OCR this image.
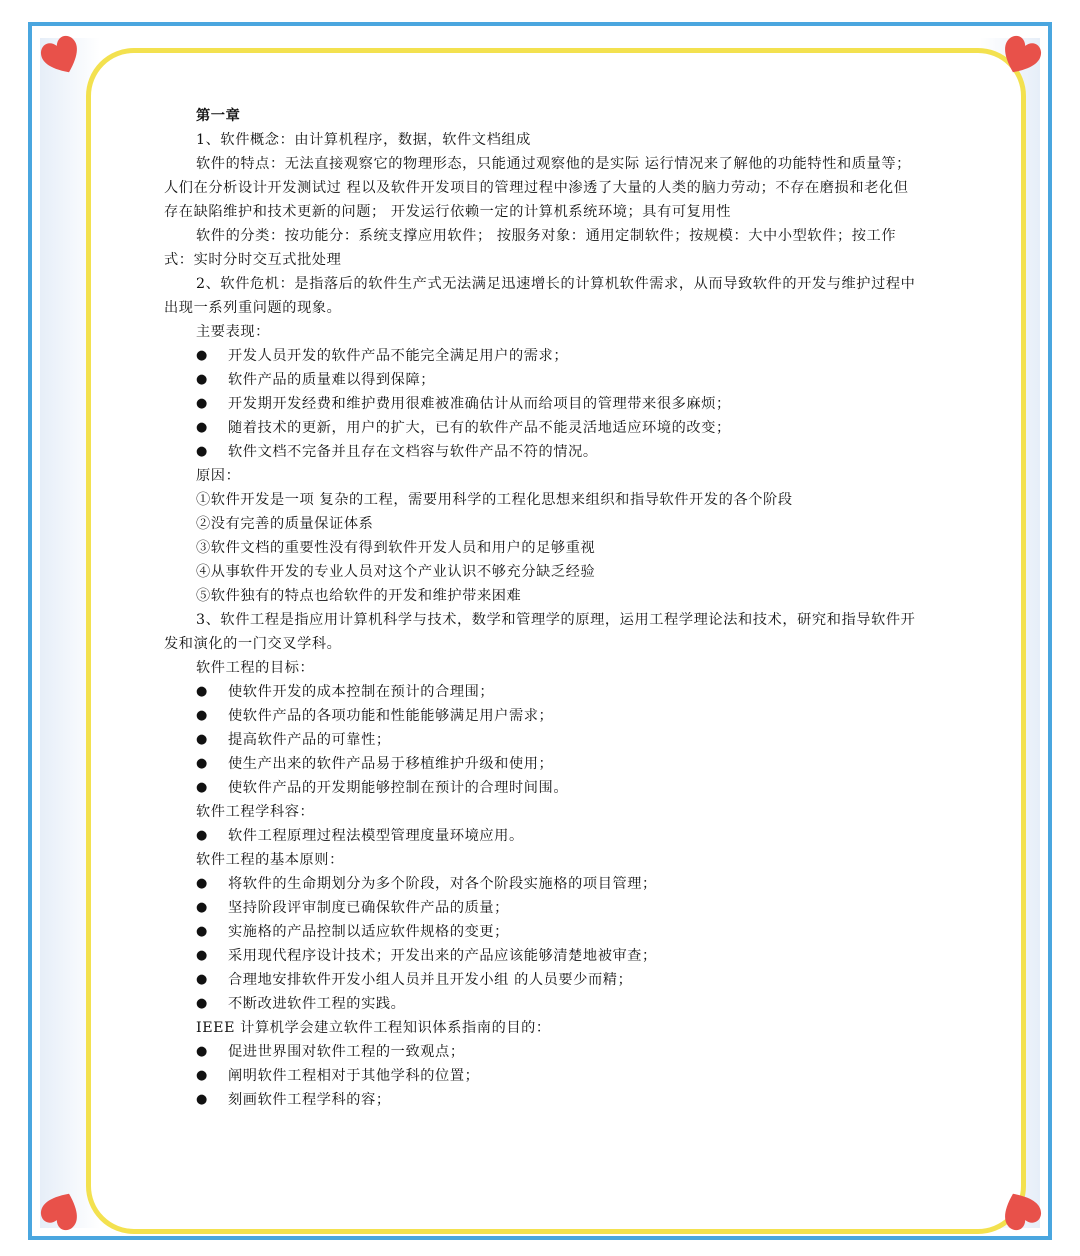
第一章

1、软件概念：由计算机程序，数据，软件文档组成

软件的特点：无法直接观察它的物理形态，只能通过观察他的是实际 运行情况来了解他的功能特性和质量等； 人们在分析设计开发测试过 程以及软件开发项目的管理过程中渗透了大量的人类的脑力劳动；不存在磨损和老化但存在缺陷维护和技术更新的问题； 开发运行依赖一定的计算机系统环境；具有可复用性

软件的分类：按功能分：系统支撑应用软件； 按服务对象：通用定制软件；按规模：大中小型软件；按工作式：实时分时交互式批处理

2、软件危机：是指落后的软件生产式无法满足迅速增长的计算机软件需求，从而导致软件的开发与维护过程中出现一系列重问题的现象。

主要表现：

● 开发人员开发的软件产品不能完全满足用户的需求；

● 软件产品的质量难以得到保障；

● 开发期开发经费和维护费用很难被准确估计从而给项目的管理带来很多麻烦；

● 随着技术的更新，用户的扩大，已有的软件产品不能灵活地适应环境的改变；

● 软件文档不完备并且存在文档容与软件产品不符的情况。

原因：

①软件开发是一项 复杂的工程，需要用科学的工程化思想来组织和指导软件开发的各个阶段

②没有完善的质量保证体系

③软件文档的重要性没有得到软件开发人员和用户的足够重视

④从事软件开发的专业人员对这个产业认识不够充分缺乏经验

⑤软件独有的特点也给软件的开发和维护带来困难

3、软件工程是指应用计算机科学与技术，数学和管理学的原理，运用工程学理论法和技术，研究和指导软件开发和演化的一门交叉学科。

软件工程的目标：

● 使软件开发的成本控制在预计的合理围；

● 使软件产品的各项功能和性能能够满足用户需求；

● 提高软件产品的可靠性；

● 使生产出来的软件产品易于移植维护升级和使用；

● 使软件产品的开发期能够控制在预计的合理时间围。

软件工程学科容：

● 软件工程原理过程法模型管理度量环境应用。

软件工程的基本原则：

● 将软件的生命期划分为多个阶段，对各个阶段实施格的项目管理；

● 坚持阶段评审制度已确保软件产品的质量；

● 实施格的产品控制以适应软件规格的变更；

● 采用现代程序设计技术；开发出来的产品应该能够清楚地被审查；

● 合理地安排软件开发小组人员并且开发小组 的人员要少而精；

● 不断改进软件工程的实践。

IEEE 计算机学会建立软件工程知识体系指南的目的：

● 促进世界围对软件工程的一致观点；

● 阐明软件工程相对于其他学科的位置；

● 刻画软件工程学科的容；
